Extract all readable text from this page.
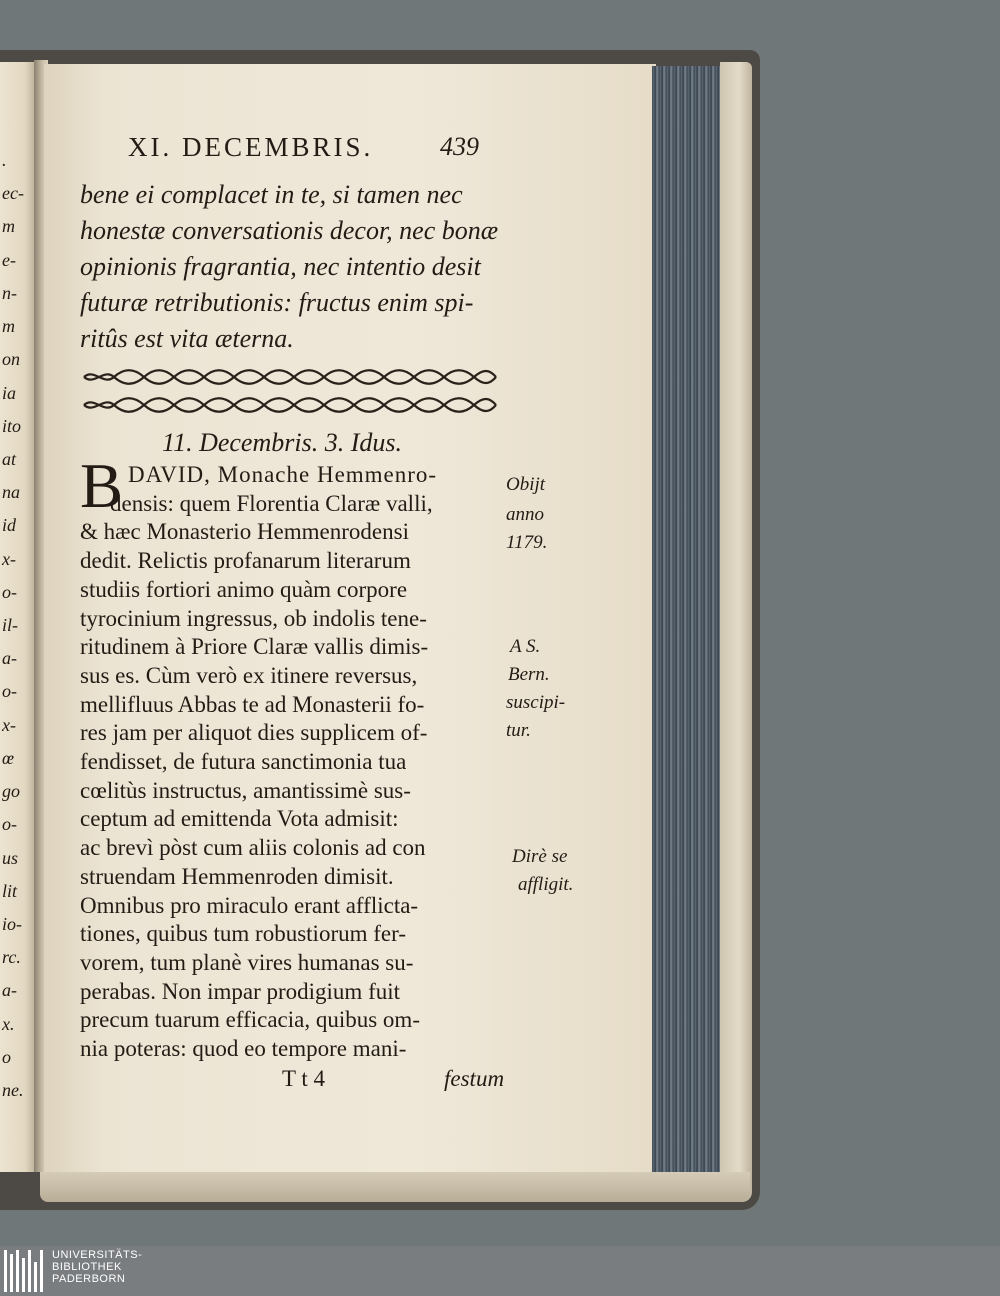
XI. DECEMBRIS.	439
bene ei complacet in te, si tamen nec
honestæ conversationis decor, nec bonæ
opinionis fragrantia, nec intentio desit
futuræ retributionis: fructus enim spi-
ritûs est vita æterna.
11. Decembris. 3. Idus.
B DAVID, Monache Hemmenro-
densis: quem Florentia Claræ valli,
& hæc Monasterio Hemmenrodensi
dedit. Relictis profanarum literarum
studiis fortiori animo quàm corpore
tyrocinium ingressus, ob indolis tene-
ritudinem à Priore Claræ vallis dimis-
sus es. Cùm verò ex itinere reversus,
mellifluus Abbas te ad Monasterii fo-
res jam per aliquot dies supplicem of-
fendisset, de futura sanctimonia tua
cœlitùs instructus, amantissimè sus-
ceptum ad emittenda Vota admisit:
ac brevì pòst cum aliis colonis ad con
struendam Hemmenroden dimisit.
Omnibus pro miraculo erant afflicta-
tiones, quibus tum robustiorum fer-
vorem, tum planè vires humanas su-
perabas. Non impar prodigium fuit
Obijt
anno
1179.
A S.
Bern.
suscipi-
tur.
Dirè se
affligit.
T t 4	festum
.
ec-
m
e-
n-
m
on
ia
ito
at
na
id
x-
o-
il-
a-
o-
x-
œ
go
o-
us
lit
io-
rc.
a-
x.
o
ne.
precum tuarum efficacia, quibus om-
nia poteras: quod eo tempore mani-
UNIVERSITÄTS-
BIBLIOTHEK
PADERBORN
